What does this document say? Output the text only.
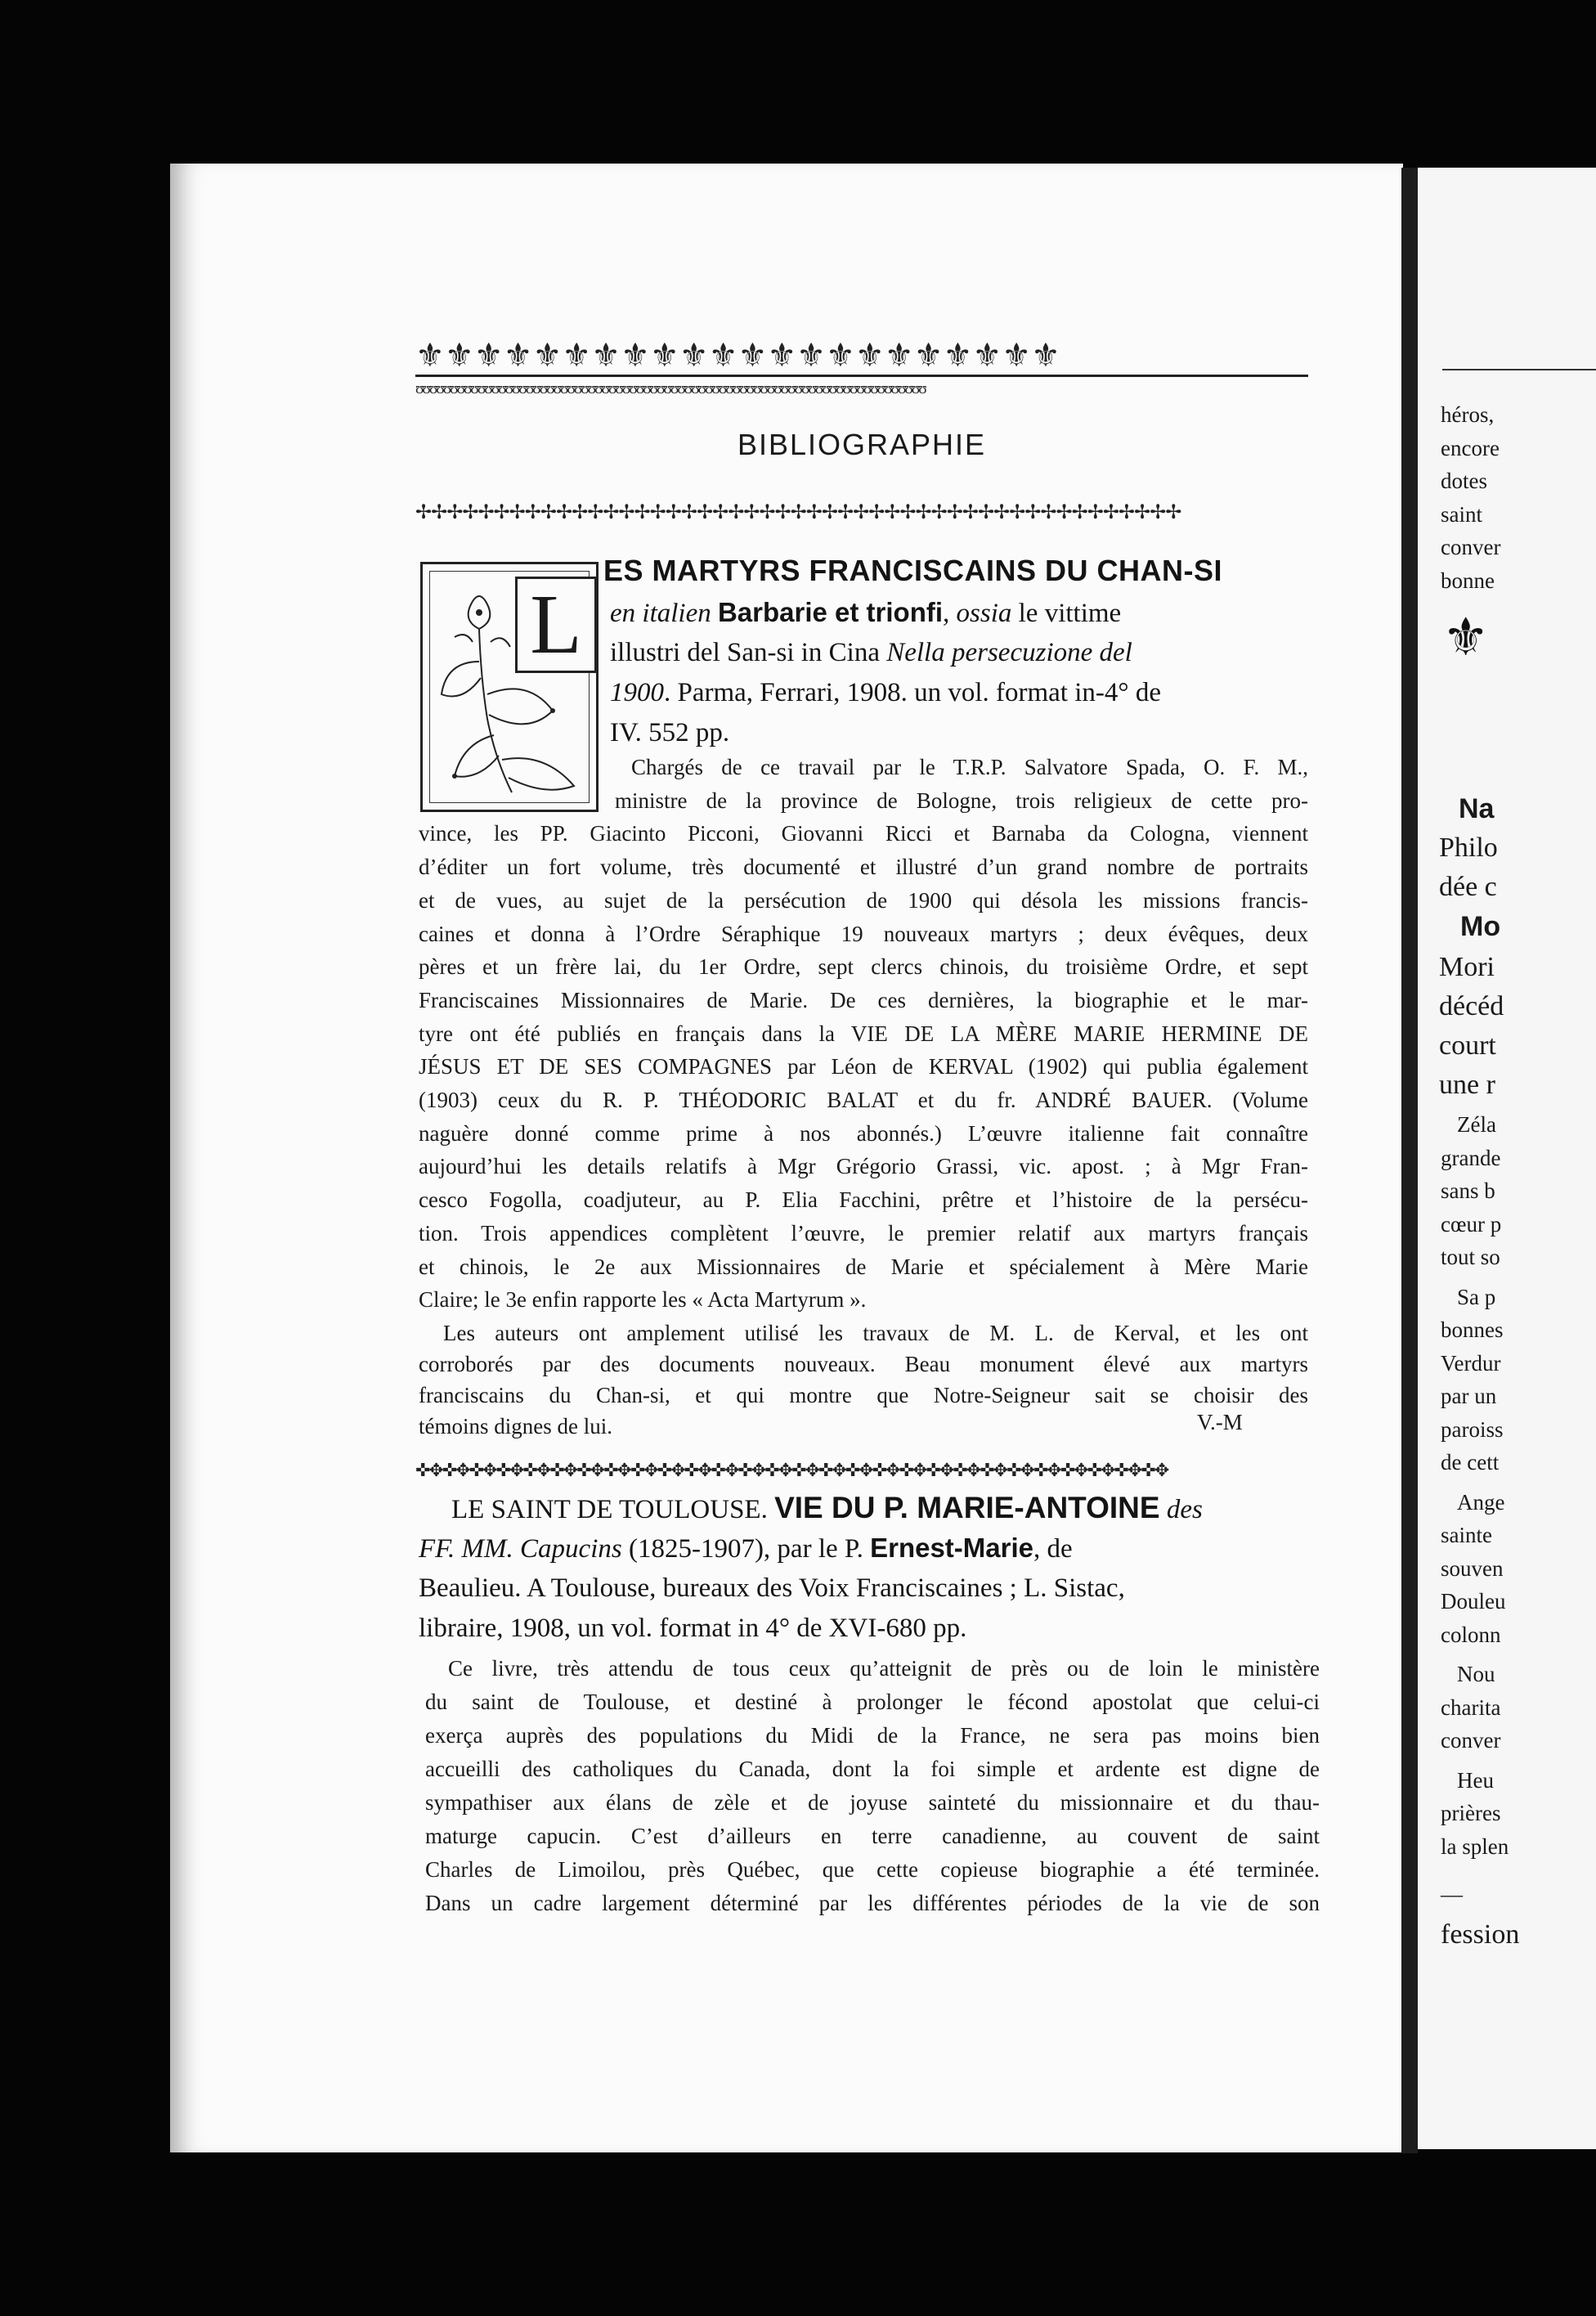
héros,
encore
dotes
saint
conver
bonne
⚜
Na
Philo
dée c
Mo
Mori
décéd
court
une r
Zéla
grande
sans b
cœur p
tout so
Sa p
bonnes
Verdur
par un
paroiss
de cett
Ange
sainte
souven
Douleu
colonn
Nou
charita
conver
Heu
prières
la splen
—
fession
⚜⚜⚜⚜⚜⚜⚜⚜⚜⚜⚜⚜⚜⚜⚜⚜⚜⚜⚜⚜⚜⚜
ʊʊʊʊʊʊʊʊʊʊʊʊʊʊʊʊʊʊʊʊʊʊʊʊʊʊʊʊʊʊʊʊʊʊʊʊʊʊʊʊʊʊʊʊʊʊʊʊʊʊʊʊʊʊʊʊʊʊʊʊʊʊʊʊʊʊʊʊʊʊʊʊʊʊ
BIBLIOGRAPHIE
✢✢✢✢✢✢✢✢✢✢✢✢✢✢✢✢✢✢✢✢✢✢✢✢✢✢✢✢✢✢✢✢✢✢✢✢✢✢✢✢✢✢✢✢✢✢✢✢✢
L
ES MARTYRS FRANCISCAINS DU CHAN-SI
en italien Barbarie et trionfi, ossia le vittime
illustri del San-si in Cina Nella persecuzione del
1900. Parma, Ferrari, 1908. un vol. format in-4° de
IV. 552 pp.
Chargés de ce travail par le T.R.P. Salvatore Spada, O. F. M.,
ministre de la province de Bologne, trois religieux de cette pro-
vince, les PP. Giacinto Picconi, Giovanni Ricci et Barnaba da Cologna, viennent
d’éditer un fort volume, très documenté et illustré d’un grand nombre de portraits
et de vues, au sujet de la persécution de 1900 qui désola les missions francis-
caines et donna à l’Ordre Séraphique 19 nouveaux martyrs ; deux évêques, deux
pères et un frère lai, du 1er Ordre, sept clercs chinois, du troisième Ordre, et sept
Franciscaines Missionnaires de Marie. De ces dernières, la biographie et le mar-
tyre ont été publiés en français dans la VIE DE LA MÈRE MARIE HERMINE DE
JÉSUS ET DE SES COMPAGNES par Léon de KERVAL (1902) qui publia également
(1903) ceux du R. P. THÉODORIC BALAT et du fr. ANDRÉ BAUER. (Volume
naguère donné comme prime à nos abonnés.) L’œuvre italienne fait connaître
aujourd’hui les details relatifs à Mgr Grégorio Grassi, vic. apost. ; à Mgr Fran-
cesco Fogolla, coadjuteur, au P. Elia Facchini, prêtre et l’histoire de la persécu-
tion. Trois appendices complètent l’œuvre, le premier relatif aux martyrs français
et chinois, le 2e aux Missionnaires de Marie et spécialement à Mère Marie
Claire; le 3e enfin rapporte les « Acta Martyrum ».
Les auteurs ont amplement utilisé les travaux de M. L. de Kerval, et les ont
corroborés par des documents nouveaux. Beau monument élevé aux martyrs
franciscains du Chan-si, et qui montre que Notre-Seigneur sait se choisir des
témoins dignes de lui.	V.-M
✜✥✜✥✜✥✜✥✜✥✜✥✜✥✜✥✜✥✜✥✜✥✜✥✜✥✜✥✜✥✜✥✜✥✜✥✜✥✜✥✜✥✜✥✜✥✜✥✜✥✜✥✜✥✜✥
LE SAINT DE TOULOUSE. VIE DU P. MARIE-ANTOINE des
FF. MM. Capucins (1825-1907), par le P. Ernest-Marie, de
Beaulieu. A Toulouse, bureaux des Voix Franciscaines ; L. Sistac,
libraire, 1908, un vol. format in 4° de XVI-680 pp.
Ce livre, très attendu de tous ceux qu’atteignit de près ou de loin le ministère
du saint de Toulouse, et destiné à prolonger le fécond apostolat que celui-ci
exerça auprès des populations du Midi de la France, ne sera pas moins bien
accueilli des catholiques du Canada, dont la foi simple et ardente est digne de
sympathiser aux élans de zèle et de joyuse sainteté du missionnaire et du thau-
maturge capucin. C’est d’ailleurs en terre canadienne, au couvent de saint
Charles de Limoilou, près Québec, que cette copieuse biographie a été terminée.
Dans un cadre largement déterminé par les différentes périodes de la vie de son
